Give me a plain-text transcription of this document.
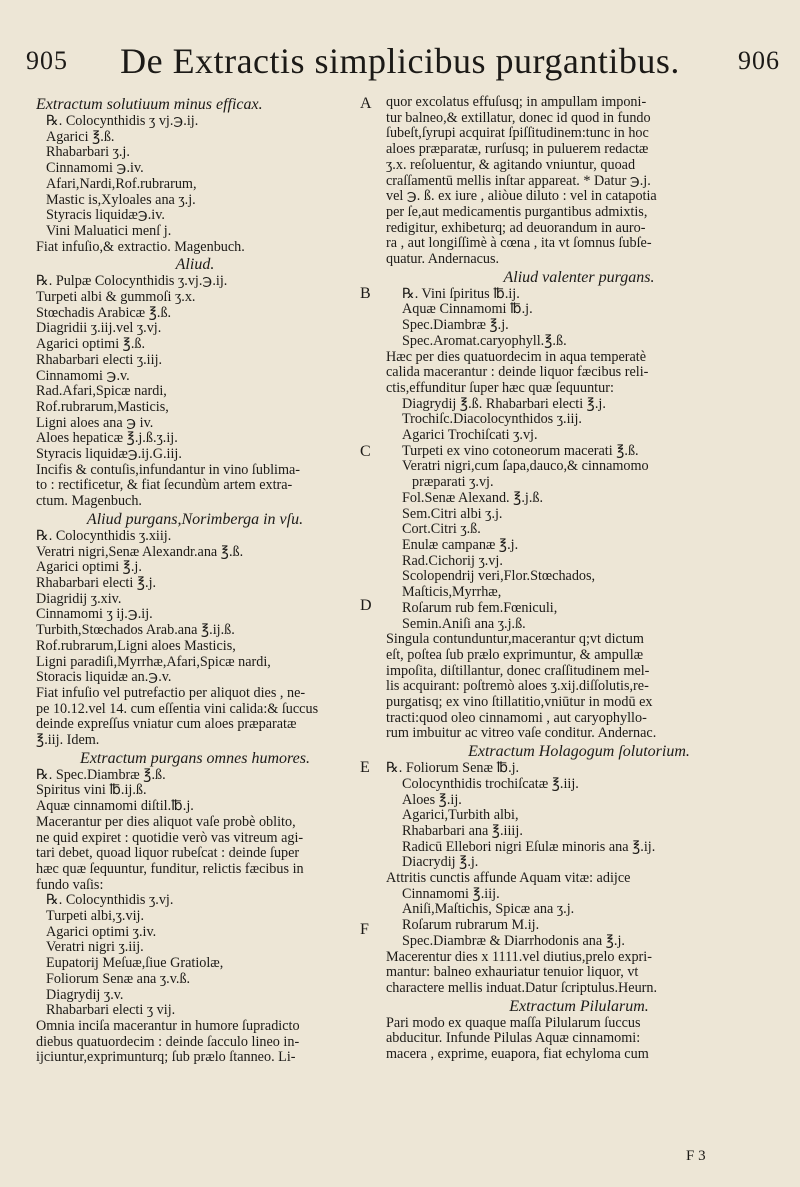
905	De Extractis simplicibus purgantibus.	906
Extractum solutiuum minus efficax.
℞. Colocynthidis ʒ vj.℈.ij.
Agarici ℥.ß.
Rhabarbari ʒ.j.
Cinnamomi ℈.iv.
Afari,Nardi,Rof.rubrarum,
Mastic is,Xyloales ana ʒ.j.
Styracis liquidæ℈.iv.
Vini Maluatici menſ j.
Fiat infuſio,& extractio. Magenbuch.
Aliud.
℞. Pulpæ Colocynthidis ʒ.vj.℈.ij.
Turpeti albi & gummoſi ʒ.x.
Stœchadis Arabicæ ℥.ß.
Diagridii ʒ.iij.vel ʒ.vj.
Agarici optimi ℥.ß.
Rhabarbari electi ʒ.iij.
Cinnamomi ℈.v.
Rad.Afari,Spicæ nardi,
Rof.rubrarum,Masticis,
Ligni aloes ana ℈ iv.
Aloes hepaticæ ℥.j.ß.ʒ.ij.
Styracis liquidæ℈.ij.G.iij.
Incifis & contuſis,infundantur in vino ſublima-
to : rectificetur, & fiat ſecundùm artem extra-
ctum. Magenbuch.
Aliud purgans,Norimberga in vſu.
℞. Colocynthidis ʒ.xiij.
Veratri nigri,Senæ Alexandr.ana ℥.ß.
Agarici optimi ℥.j.
Rhabarbari electi ℥.j.
Diagridij ʒ.xiv.
Cinnamomi ʒ ij.℈.ij.
Turbith,Stœchados Arab.ana ℥.ij.ß.
Rof.rubrarum,Ligni aloes Masticis,
Ligni paradiſi,Myrrhæ,Afari,Spicæ nardi,
Storacis liquidæ an.℈.v.
Fiat infuſio vel putrefactio per aliquot dies , ne-
pe 10.12.vel 14. cum eſſentia vini calida:& ſuccus
deinde expreſſus vniatur cum aloes præparatæ
℥.iij. Idem.
Extractum purgans omnes humores.
℞. Spec.Diambræ ℥.ß.
Spiritus vini ℔.ij.ß.
Aquæ cinnamomi diſtil.℔.j.
Macerantur per dies aliquot vaſe probè oblito,
ne quid expiret : quotidie verò vas vitreum agi-
tari debet, quoad liquor rubeſcat : deinde ſuper
hæc quæ ſequuntur, funditur, relictis fæcibus in
fundo vaſis:
℞. Colocynthidis ʒ.vj.
Turpeti albi,ʒ.vij.
Agarici optimi ʒ.iv.
Veratri nigri ʒ.iij.
Eupatorij Meſuæ,ſiue Gratiolæ,
Foliorum Senæ ana ʒ.v.ß.
Diagrydij ʒ.v.
Rhabarbari electi ʒ vij.
Omnia inciſa macerantur in humore ſupradicto
diebus quatuordecim : deinde ſacculo lineo in-
ijciuntur,exprimunturq; ſub prælo ſtanneo. Li-
A
B
C
D
E
F
quor excolatus effuſusq; in ampullam imponi-
tur balneo,& extillatur, donec id quod in fundo
ſubeſt,ſyrupi acquirat ſpiſſitudinem:tunc in hoc
aloes præparatæ, rurſusq; in puluerem redactæ
ʒ.x. reſoluentur, & agitando vniuntur, quoad
craſſamentū mellis inſtar appareat. * Datur ℈.j.
vel ℈. ß. ex iure , aliòue diluto : vel in catapotia
per ſe,aut medicamentis purgantibus admixtis,
redigitur, exhibeturq; ad deuorandum in auro-
ra , aut longiſſimè à cœna , ita vt ſomnus ſubſe-
quatur. Andernacus.
Aliud valenter purgans.
℞. Vini ſpiritus ℔.ij.
Aquæ Cinnamomi ℔.j.
Spec.Diambræ ℥.j.
Spec.Aromat.caryophyll.℥.ß.
Hæc per dies quatuordecim in aqua temperatè
calida macerantur : deinde liquor fæcibus reli-
ctis,effunditur ſuper hæc quæ ſequuntur:
Diagrydij ℥.ß. Rhabarbari electi ℥.j.
Trochiſc.Diacolocynthidos ʒ.iij.
Agarici Trochiſcati ʒ.vj.
Turpeti ex vino cotoneorum macerati ℥.ß.
Veratri nigri,cum ſapa,dauco,& cinnamomo
præparati ʒ.vj.
Fol.Senæ Alexand. ℥.j.ß.
Sem.Citri albi ʒ.j.
Cort.Citri ʒ.ß.
Enulæ campanæ ℥.j.
Rad.Cichorij ʒ.vj.
Scolopendrij veri,Flor.Stœchados,
Maſticis,Myrrhæ,
Roſarum rub fem.Fœniculi,
Semin.Aniſi ana ʒ.j.ß.
Singula contunduntur,macerantur q;vt dictum
eſt, poſtea ſub prælo exprimuntur, & ampullæ
impoſita, diſtillantur, donec craſſitudinem mel-
lis acquirant: poſtremò aloes ʒ.xij.diſſolutis,re-
purgatisq; ex vino ſtillatitio,vniūtur in modū ex
tracti:quod oleo cinnamomi , aut caryophyllo-
rum imbuitur ac vitreo vaſe conditur. Andernac.
Extractum Holagogum ſolutorium.
℞. Foliorum Senæ ℔.j.
Colocynthidis trochiſcatæ ℥.iij.
Aloes ℥.ij.
Agarici,Turbith albi,
Rhabarbari ana ℥.iiij.
Radicū Ellebori nigri Eſulæ minoris ana ℥.ij.
Diacrydij ℥.j.
Attritis cunctis affunde Aquam vitæ: adijce
Cinnamomi ℥.iij.
Aniſi,Maſtichis, Spicæ ana ʒ.j.
Roſarum rubrarum M.ij.
Spec.Diambræ & Diarrhodonis ana ℥.j.
Macerentur dies x 1111.vel diutius,prelo expri-
mantur: balneo exhauriatur tenuior liquor, vt
charactere mellis induat.Datur ſcriptulus.Heurn.
Extractum Pilularum.
Pari modo ex quaque maſſa Pilularum ſuccus
abducitur. Infunde Pilulas Aquæ cinnamomi:
macera , exprime, euapora, fiat echyloma cum
F 3
